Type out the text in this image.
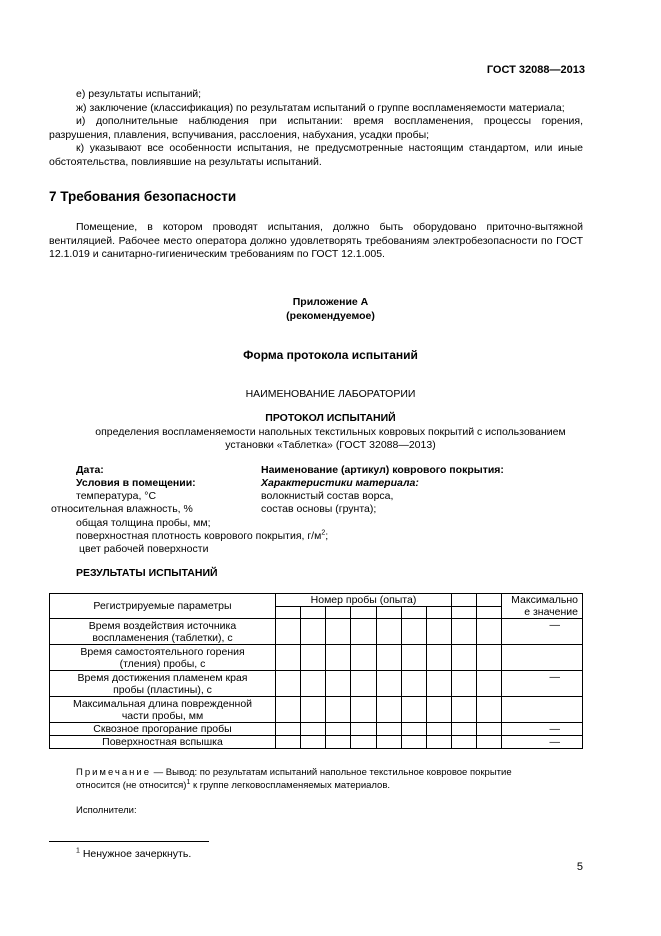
ГОСТ 32088—2013

е) результаты испытаний;

ж) заключение (классификация) по результатам испытаний о группе воспламеняемости материала;

и) дополнительные наблюдения при испытании: время воспламенения, процессы горения, разрушения, плавления, вспучивания, расслоения, набухания, усадки пробы;

к) указывают все особенности испытания, не предусмотренные настоящим стандартом, или иные обстоятельства, повлиявшие на результаты испытаний.

7 Требования безопасности

Помещение, в котором проводят испытания, должно быть оборудовано приточно-вытяжной вентиляцией. Рабочее место оператора должно удовлетворять требованиям электробезопасности по ГОСТ 12.1.019 и санитарно-гигиеническим требованиям по ГОСТ 12.1.005.

Приложение А
(рекомендуемое)
Форма протокола испытаний
НАИМЕНОВАНИЕ ЛАБОРАТОРИИ
ПРОТОКОЛ ИСПЫТАНИЙ
определения воспламеняемости напольных текстильных ковровых покрытий с использованием
установки «Таблетка» (ГОСТ 32088—2013)
Дата:
Условия в помещении:
температура, °С
относительная влажность, %
общая толщина пробы, мм;
поверхностная плотность коврового покрытия, $г/м^2$;
цвет рабочей поверхности
Наименование (артикул) коврового покрытия:
Характеристики материала:
волокнистый состав ворса,
состав основы (грунта);
РЕЗУЛЬТАТЫ ИСПЫТАНИЙ
Регистрируемые параметры	Номер пробы (опыта)									Максимально
е значение

Время воздействия источника
воспламенения (таблетки), с										—
Время самостоятельного горения
(тления) пробы, с										
Время достижения пламенем края
пробы (пластины), с										—
Максимальная длина поврежденной
части пробы, мм										
Сквозное прогорание пробы										—
Поверхностная вспышка										—
Примечание — Вывод: по результатам испытаний напольное текстильное ковровое покрытие
относится (не относится)$^1$ к группе легковоспламеняемых материалов.
Исполнители:
$^1$ Ненужное зачеркнуть.
5
